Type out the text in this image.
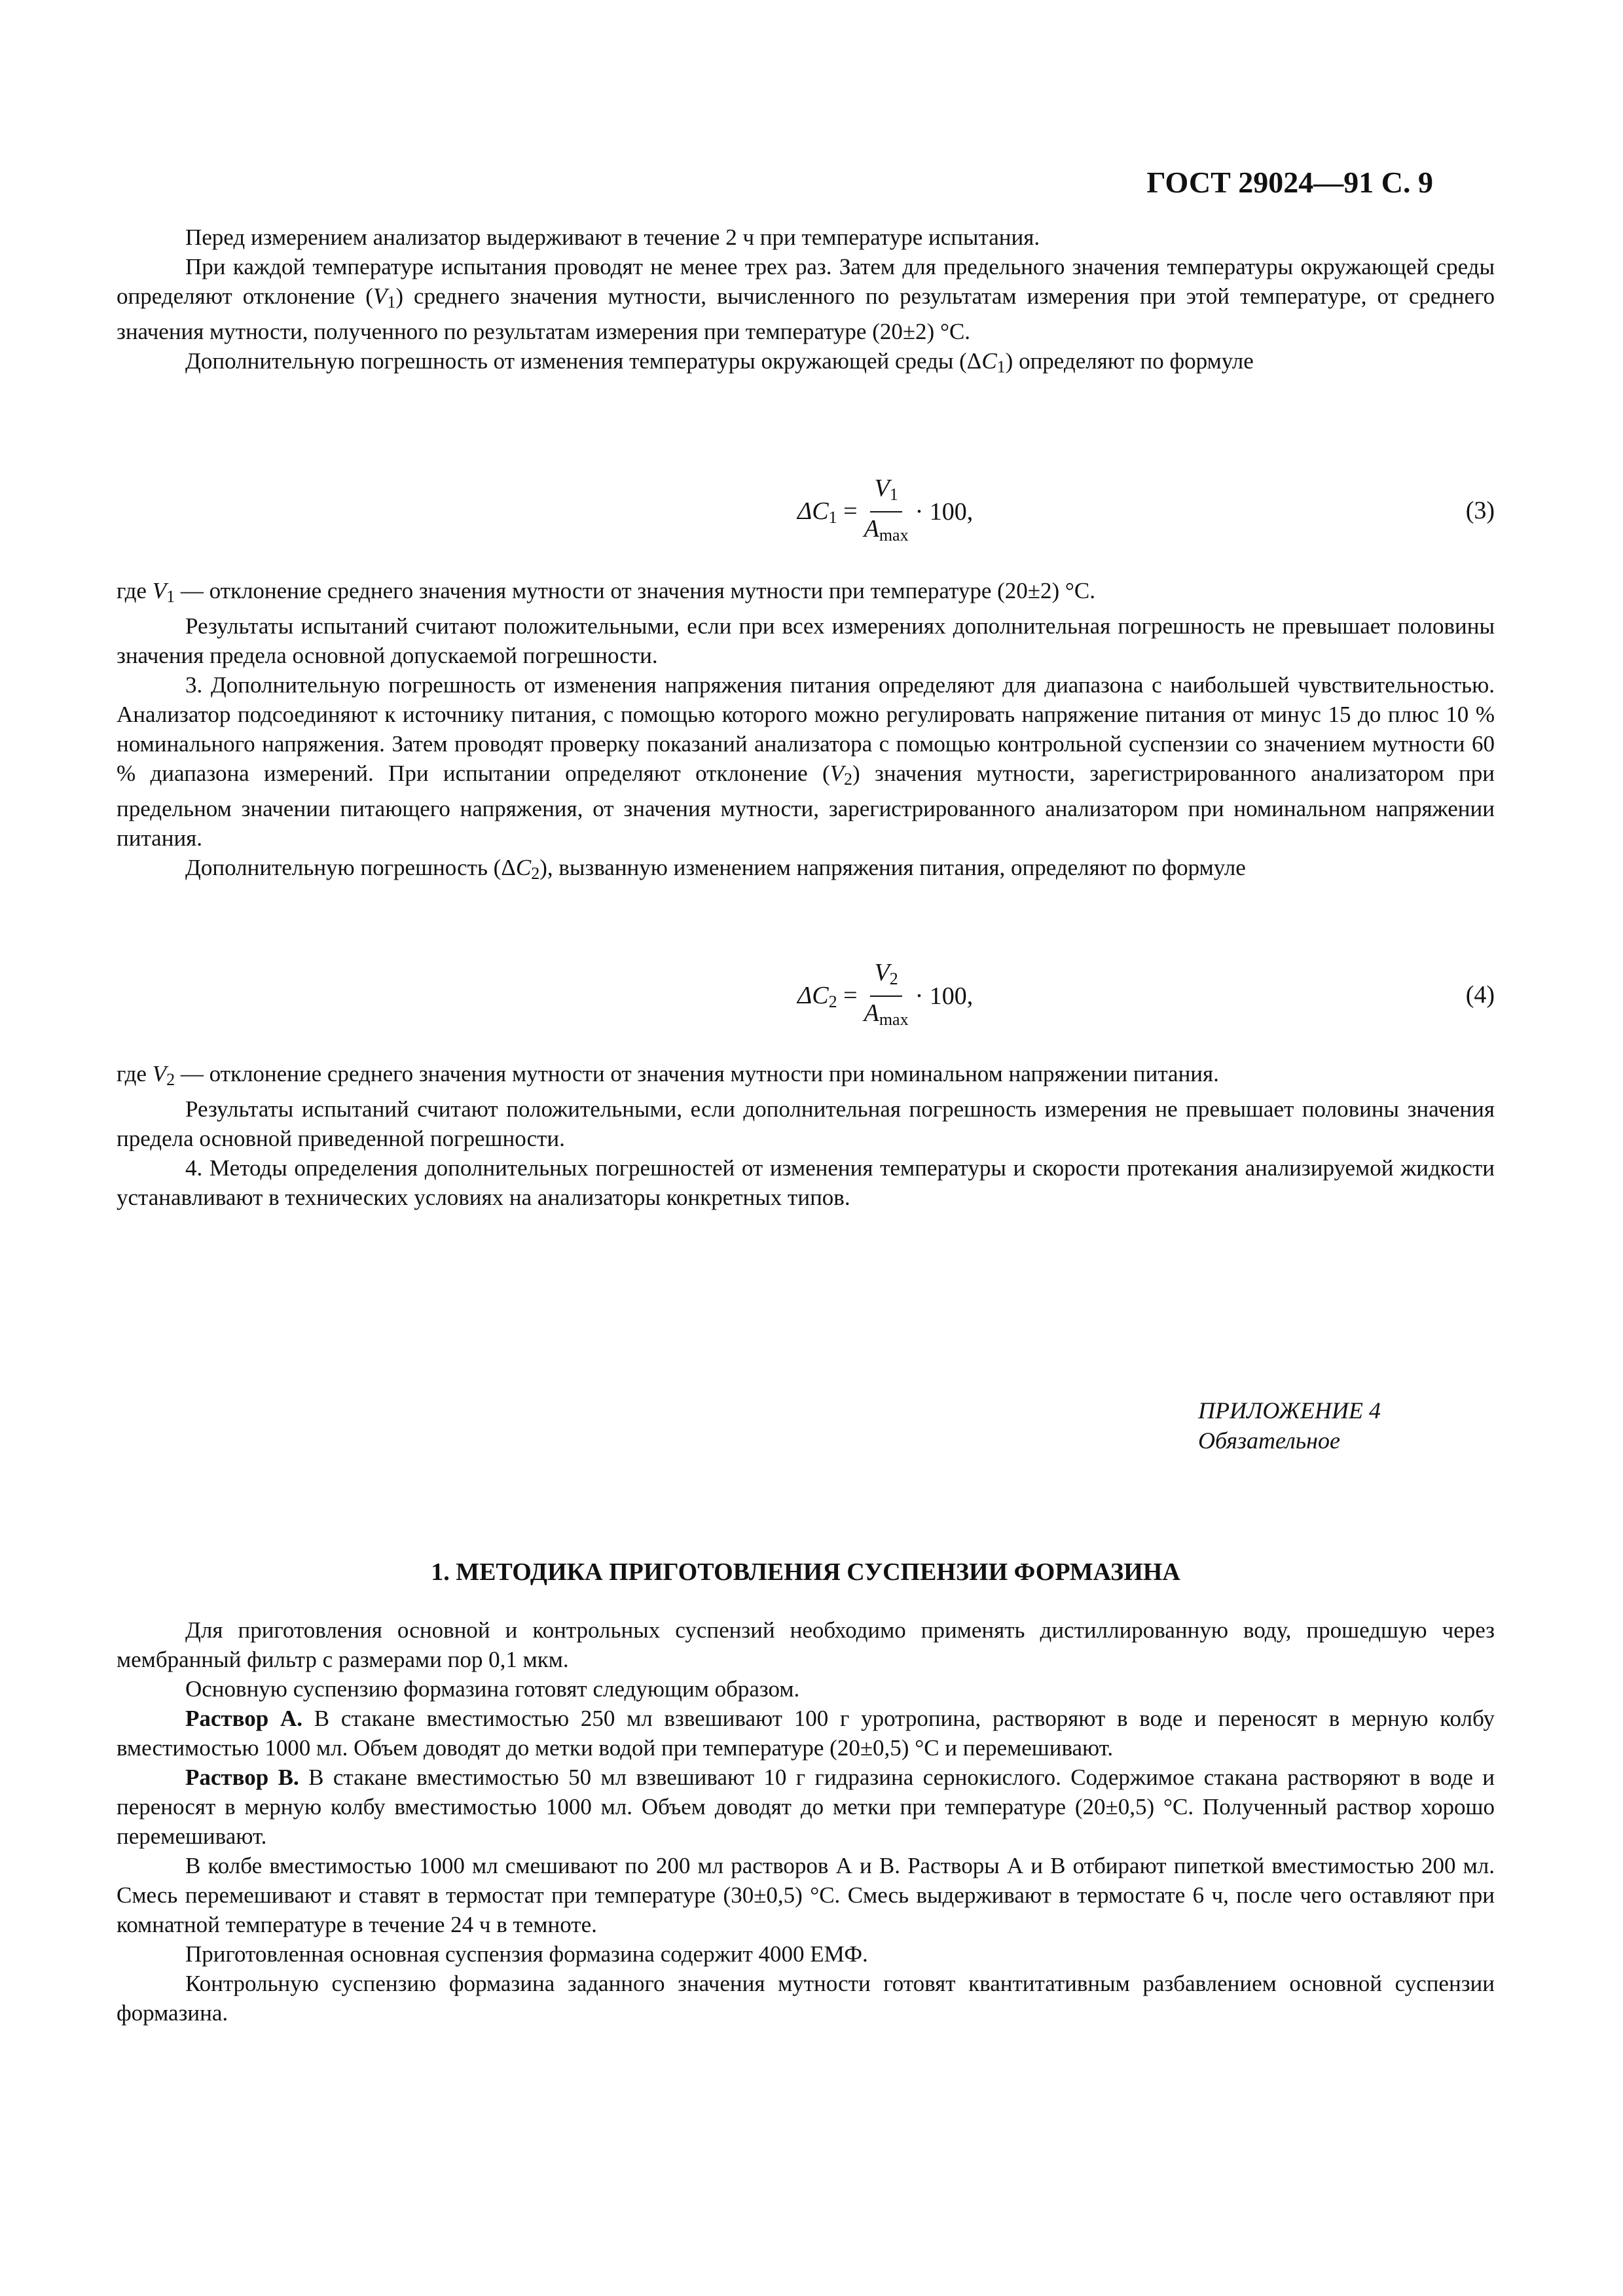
ГОСТ 29024—91 С. 9

Перед измерением анализатор выдерживают в течение 2 ч при температуре испытания.

При каждой температуре испытания проводят не менее трех раз. Затем для предельного значения температуры окружающей среды определяют отклонение $(V_1)$ среднего значения мутности, вычисленного по результатам измерения при этой температуре, от среднего значения мутности, полученного по результатам измерения при температуре (20±2) °С.

Дополнительную погрешность от изменения температуры окружающей среды $(\Delta C_1)$ определяют по формуле

$\Delta C_1 = \frac{V_1}{A_{max}} \cdot 100$,	(3)

где $V_1$ — отклонение среднего значения мутности от значения мутности при температуре (20±2) °С.

Результаты испытаний считают положительными, если при всех измерениях дополнительная погрешность не превышает половины значения предела основной допускаемой погрешности.

3. Дополнительную погрешность от изменения напряжения питания определяют для диапазона с наибольшей чувствительностью. Анализатор подсоединяют к источнику питания, с помощью которого можно регулировать напряжение питания от минус 15 до плюс 10 % номинального напряжения. Затем проводят проверку показаний анализатора с помощью контрольной суспензии со значением мутности 60 % диапазона измерений. При испытании определяют отклонение $(V_2)$ значения мутности, зарегистрированного анализатором при предельном значении питающего напряжения, от значения мутности, зарегистрированного анализатором при номинальном напряжении питания.

Дополнительную погрешность $(\Delta C_2)$, вызванную изменением напряжения питания, определяют по формуле

$\Delta C_2 = \frac{V_2}{A_{max}} \cdot 100$,	(4)

где $V_2$ — отклонение среднего значения мутности от значения мутности при номинальном напряжении питания.

Результаты испытаний считают положительными, если дополнительная погрешность измерения не превышает половины значения предела основной приведенной погрешности.

4. Методы определения дополнительных погрешностей от изменения температуры и скорости протекания анализируемой жидкости устанавливают в технических условиях на анализаторы конкретных типов.

ПРИЛОЖЕНИЕ 4
Обязательное
1. МЕТОДИКА ПРИГОТОВЛЕНИЯ СУСПЕНЗИИ ФОРМАЗИНА

Для приготовления основной и контрольных суспензий необходимо применять дистиллированную воду, прошедшую через мембранный фильтр с размерами пор 0,1 мкм.

Основную суспензию формазина готовят следующим образом.

Раствор А. В стакане вместимостью 250 мл взвешивают 100 г уротропина, растворяют в воде и переносят в мерную колбу вместимостью 1000 мл. Объем доводят до метки водой при температуре (20±0,5) °С и перемешивают.

Раствор В. В стакане вместимостью 50 мл взвешивают 10 г гидразина сернокислого. Содержимое стакана растворяют в воде и переносят в мерную колбу вместимостью 1000 мл. Объем доводят до метки при температуре (20±0,5) °С. Полученный раствор хорошо перемешивают.

В колбе вместимостью 1000 мл смешивают по 200 мл растворов А и В. Растворы А и В отбирают пипеткой вместимостью 200 мл. Смесь перемешивают и ставят в термостат при температуре (30±0,5) °С. Смесь выдерживают в термостате 6 ч, после чего оставляют при комнатной температуре в течение 24 ч в темноте.

Приготовленная основная суспензия формазина содержит 4000 ЕМФ.

Контрольную суспензию формазина заданного значения мутности готовят квантитативным разбавлением основной суспензии формазина.
